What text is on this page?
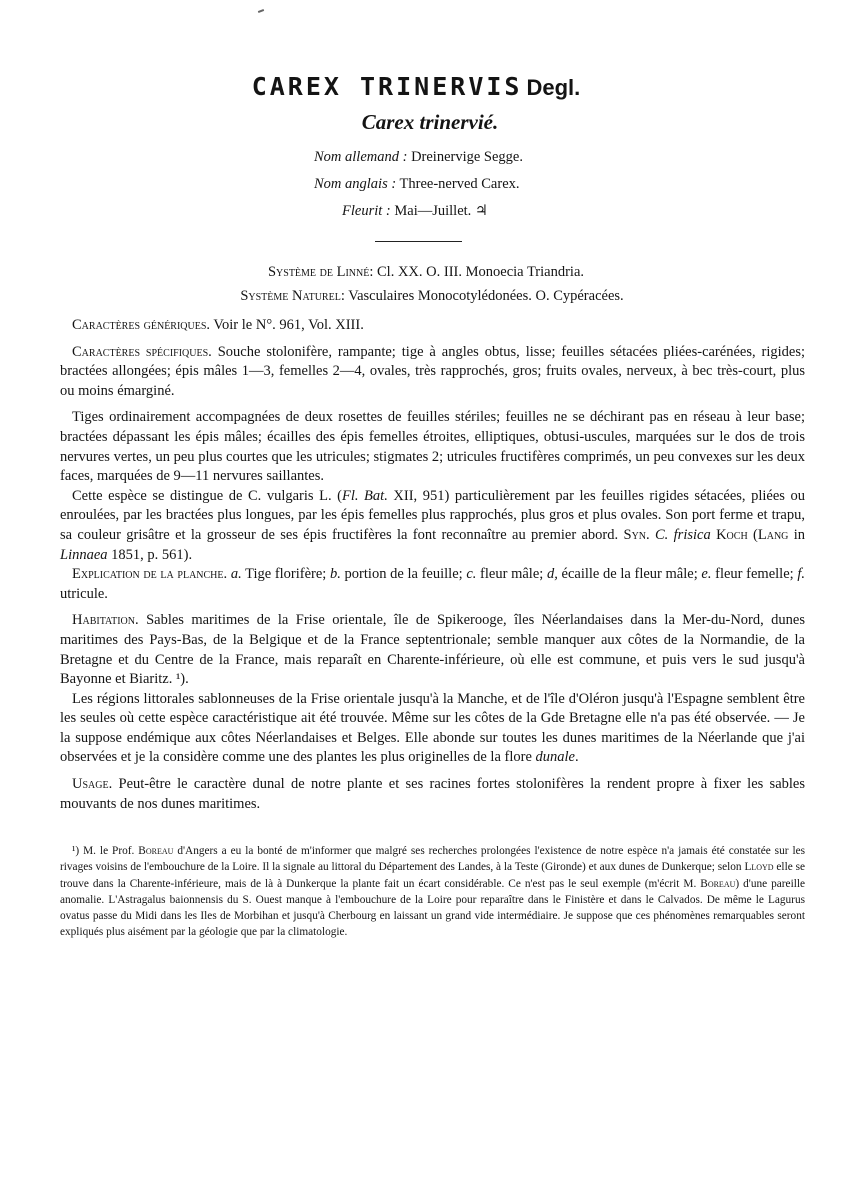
CAREX TRINERVIS Degl.
Carex trinervié.
Nom allemand : Dreinervige Segge.
Nom anglais : Three-nerved Carex.
Fleurit : Mai—Juillet. ♃
Système de Linné: Cl. XX. O. III. Monoecia Triandria.
Système Naturel: Vasculaires Monocotylédonées. O. Cypéracées.

Caractères génériques. Voir le N°. 961, Vol. XIII.

Caractères spécifiques. Souche stolonifère, rampante; tige à angles obtus, lisse; feuilles sétacées pliées-carénées, rigides; bractées allongées; épis mâles 1—3, femelles 2—4, ovales, très rapprochés, gros; fruits ovales, nerveux, à bec très-court, plus ou moins émarginé.

Tiges ordinairement accompagnées de deux rosettes de feuilles stériles; feuilles ne se déchirant pas en réseau à leur base; bractées dépassant les épis mâles; écailles des épis femelles étroites, elliptiques, obtusi-uscules, marquées sur le dos de trois nervures vertes, un peu plus courtes que les utricules; stigmates 2; utricules fructifères comprimés, un peu convexes sur les deux faces, marquées de 9—11 nervures saillantes.

Cette espèce se distingue de C. vulgaris L. (Fl. Bat. XII, 951) particulièrement par les feuilles rigides sétacées, pliées ou enroulées, par les bractées plus longues, par les épis femelles plus rapprochés, plus gros et plus ovales. Son port ferme et trapu, sa couleur grisâtre et la grosseur de ses épis fructifères la font reconnaître au premier abord. Syn. C. frisica Koch (Lang in Linnaea 1851, p. 561).

Explication de la planche. a. Tige florifère; b. portion de la feuille; c. fleur mâle; d, écaille de la fleur mâle; e. fleur femelle; f. utricule.

Habitation. Sables maritimes de la Frise orientale, île de Spikerooge, îles Néerlandaises dans la Mer-du-Nord, dunes maritimes des Pays-Bas, de la Belgique et de la France septentrionale; semble manquer aux côtes de la Normandie, de la Bretagne et du Centre de la France, mais reparaît en Charente-inférieure, où elle est commune, et puis vers le sud jusqu'à Bayonne et Biaritz. ¹).

Les régions littorales sablonneuses de la Frise orientale jusqu'à la Manche, et de l'île d'Oléron jusqu'à l'Espagne semblent être les seules où cette espèce caractéristique ait été trouvée. Même sur les côtes de la Gde Bretagne elle n'a pas été observée. — Je la suppose endémique aux côtes Néerlandaises et Belges. Elle abonde sur toutes les dunes maritimes de la Néerlande que j'ai observées et je la considère comme une des plantes les plus originelles de la flore dunale.

Usage. Peut-être le caractère dunal de notre plante et ses racines fortes stolonifères la rendent propre à fixer les sables mouvants de nos dunes maritimes.

¹) M. le Prof. Boreau d'Angers a eu la bonté de m'informer que malgré ses recherches prolongées l'existence de notre espèce n'a jamais été constatée sur les rivages voisins de l'embouchure de la Loire. Il la signale au littoral du Département des Landes, à la Teste (Gironde) et aux dunes de Dunkerque; selon Lloyd elle se trouve dans la Charente-inférieure, mais de là à Dunkerque la plante fait un écart considérable. Ce n'est pas le seul exemple (m'écrit M. Boreau) d'une pareille anomalie. L'Astragalus baionnensis du S. Ouest manque à l'embouchure de la Loire pour reparaître dans le Finistère et dans le Calvados. De même le Lagurus ovatus passe du Midi dans les Iles de Morbihan et jusqu'à Cherbourg en laissant un grand vide intermédiaire. Je suppose que ces phénomènes remarquables seront expliqués plus aisément par la géologie que par la climatologie.
